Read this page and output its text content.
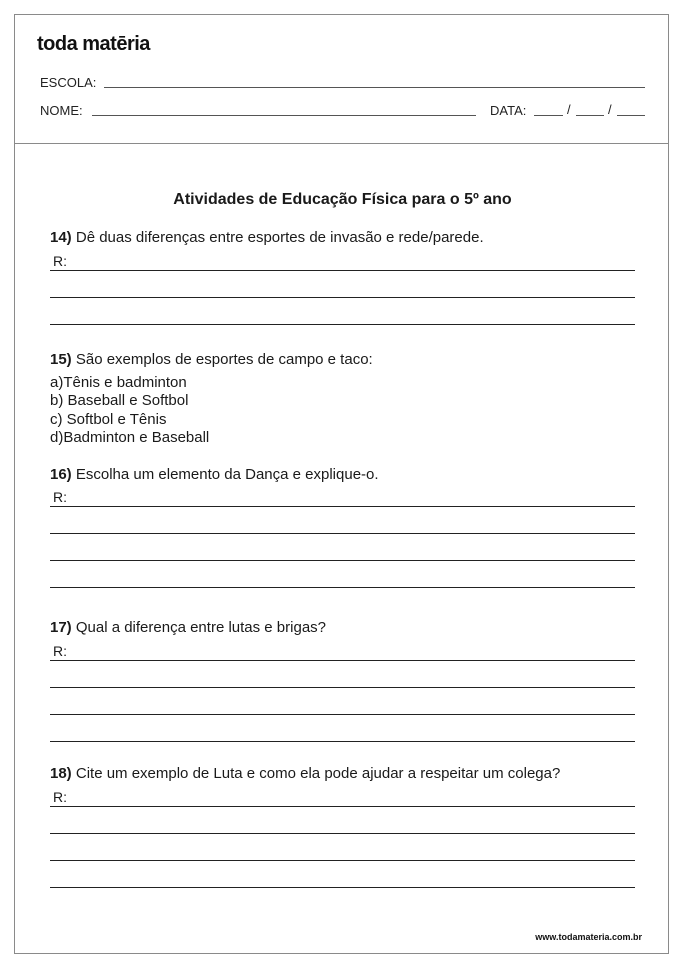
toda matēria
ESCOLA:
NOME:	DATA:	/	/
Atividades de Educação Física para o 5º ano
14) Dê duas diferenças entre esportes de invasão e rede/parede.
R:
15) São exemplos de esportes de campo e taco:
a)Tênis e badminton
b) Baseball e Softbol
c) Softbol e Tênis
d)Badminton e Baseball
16) Escolha um elemento da Dança e explique-o.
R:
17) Qual a diferença entre lutas e brigas?
R:
18) Cite um exemplo de Luta e como ela pode ajudar a respeitar um colega?
R:
www.todamateria.com.br
